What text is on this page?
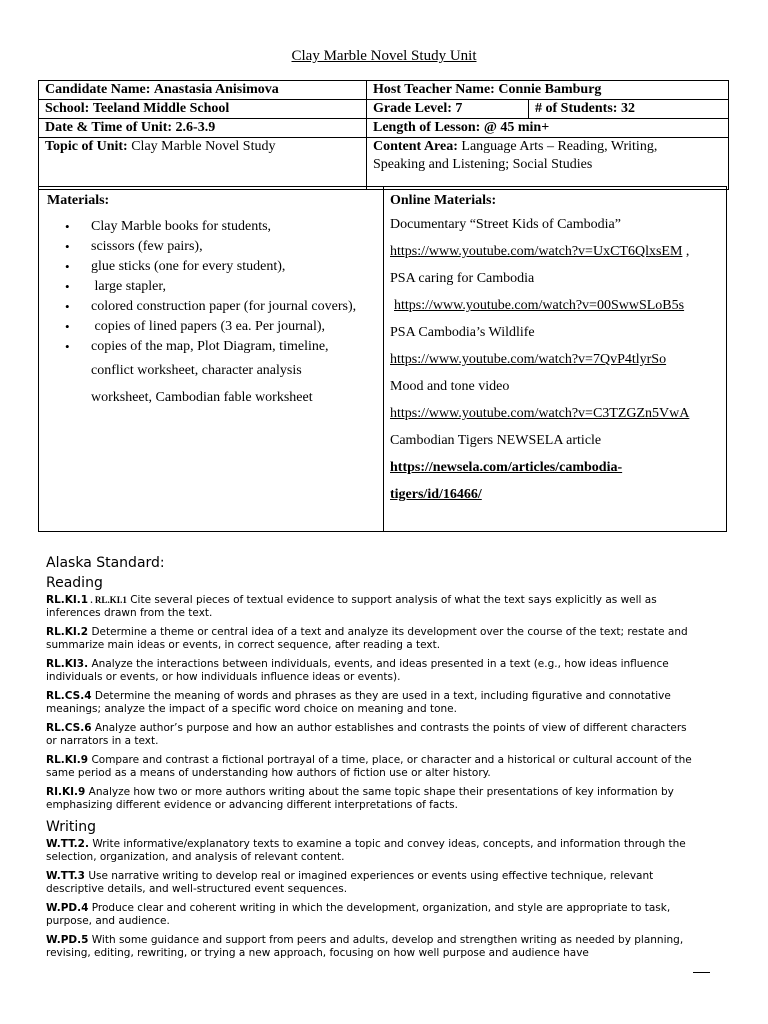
Clay Marble Novel Study Unit
Candidate Name: Anastasia Anisimova	Host Teacher Name: Connie Bamburg	
School: Teeland Middle School	Grade Level: 7	# of Students: 32
Date & Time of Unit: 2.6-3.9	Length of Lesson: @ 45 min+	
Topic of Unit: Clay Marble Novel Study	Content Area: Language Arts – Reading, Writing,
Speaking and Listening; Social Studies	
Materials:
• Clay Marble books for students,
• scissors (few pairs),
• glue sticks (one for every student),
• large stapler,
• colored construction paper (for journal covers),
• copies of lined papers (3 ea. Per journal),
• copies of the map, Plot Diagram, timeline,
conflict worksheet, character analysis
worksheet, Cambodian fable worksheet
Online Materials:
Documentary “Street Kids of Cambodia”
https://www.youtube.com/watch?v=UxCT6QlxsEM ,
PSA caring for Cambodia
https://www.youtube.com/watch?v=00SwwSLoB5s
PSA Cambodia’s Wildlife
https://www.youtube.com/watch?v=7QvP4tlyrSo
Mood and tone video
https://www.youtube.com/watch?v=C3TZGZn5VwA
Cambodian Tigers NEWSELA article
https://newsela.com/articles/cambodia-
tigers/id/16466/
Alaska Standard:
Reading
RL.KI.1 . RL.KI.1 Cite several pieces of textual evidence to support analysis of what the text says explicitly as well as inferences drawn from the text.
RL.KI.2 Determine a theme or central idea of a text and analyze its development over the course of the text; restate and summarize main ideas or events, in correct sequence, after reading a text.
RL.KI3. Analyze the interactions between individuals, events, and ideas presented in a text (e.g., how ideas influence individuals or events, or how individuals influence ideas or events).
RL.CS.4 Determine the meaning of words and phrases as they are used in a text, including figurative and connotative meanings; analyze the impact of a specific word choice on meaning and tone.
RL.CS.6 Analyze author’s purpose and how an author establishes and contrasts the points of view of different characters or narrators in a text.
RL.KI.9 Compare and contrast a fictional portrayal of a time, place, or character and a historical or cultural account of the same period as a means of understanding how authors of fiction use or alter history.
RI.KI.9 Analyze how two or more authors writing about the same topic shape their presentations of key information by emphasizing different evidence or advancing different interpretations of facts.
Writing
W.TT.2. Write informative/explanatory texts to examine a topic and convey ideas, concepts, and information through the selection, organization, and analysis of relevant content.
W.TT.3 Use narrative writing to develop real or imagined experiences or events using effective technique, relevant descriptive details, and well-structured event sequences.
W.PD.4 Produce clear and coherent writing in which the development, organization, and style are appropriate to task, purpose, and audience.
W.PD.5 With some guidance and support from peers and adults, develop and strengthen writing as needed by planning, revising, editing, rewriting, or trying a new approach, focusing on how well purpose and audience have
